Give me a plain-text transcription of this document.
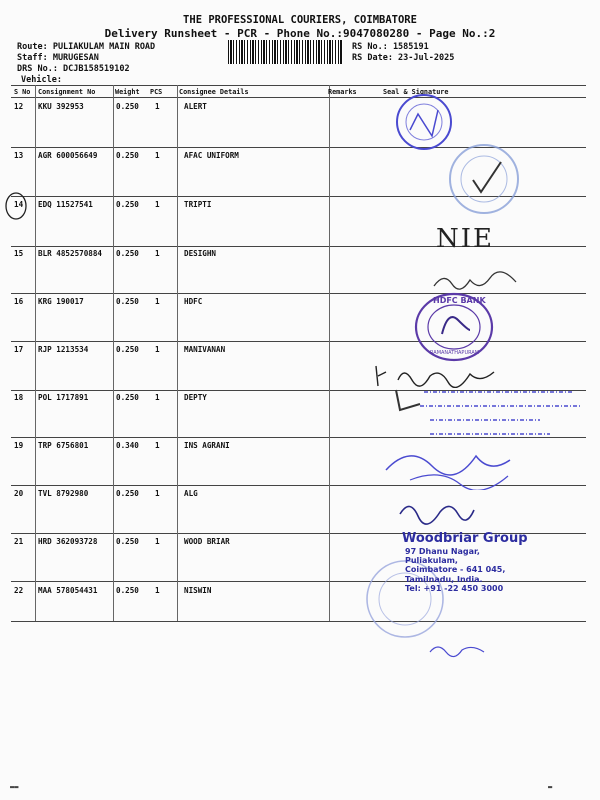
THE PROFESSIONAL COURIERS, COIMBATORE
Delivery Runsheet - PCR - Phone No.:9047080280 - Page No.:2
Route: PULIAKULAM MAIN ROAD
Staff: MURUGESAN
DRS No.: DCJB158519102
Vehicle:
RS No.: 1585191
RS Date: 23-Jul-2025
S No Consignment No	Weight PCS Consignee Details	Remarks	Seal & Signature
12 KKU 392953	0.250 1	ALERT
13 AGR 600056649 0.250 1	AFAC UNIFORM
14 EDQ 11527541	0.250 1	TRIPTI
15 BLR 4852570884 0.250 1	DESIGHN
16 KRG 190017	0.250 1	HDFC
17 RJP 1213534	0.250 1	MANIVANAN
18 POL 1717891	0.250 1	DEPTY
19 TRP 6756801	0.340 1	INS AGRANI
20 TVL 8792980	0.250 1	ALG
21 HRD 362093728 0.250 1	WOOD BRIAR
22 MAA 578054431 0.250 1	NISWIN
NIE
HDFC BANK
RAMANATHAPURAM
Woodbriar Group
97 Dhanu Nagar,
Puliakulam,
Coimbatore - 641 045,
Tamilnadu, India.
Tel: +91 -22 450 3000
▬▬	▬
